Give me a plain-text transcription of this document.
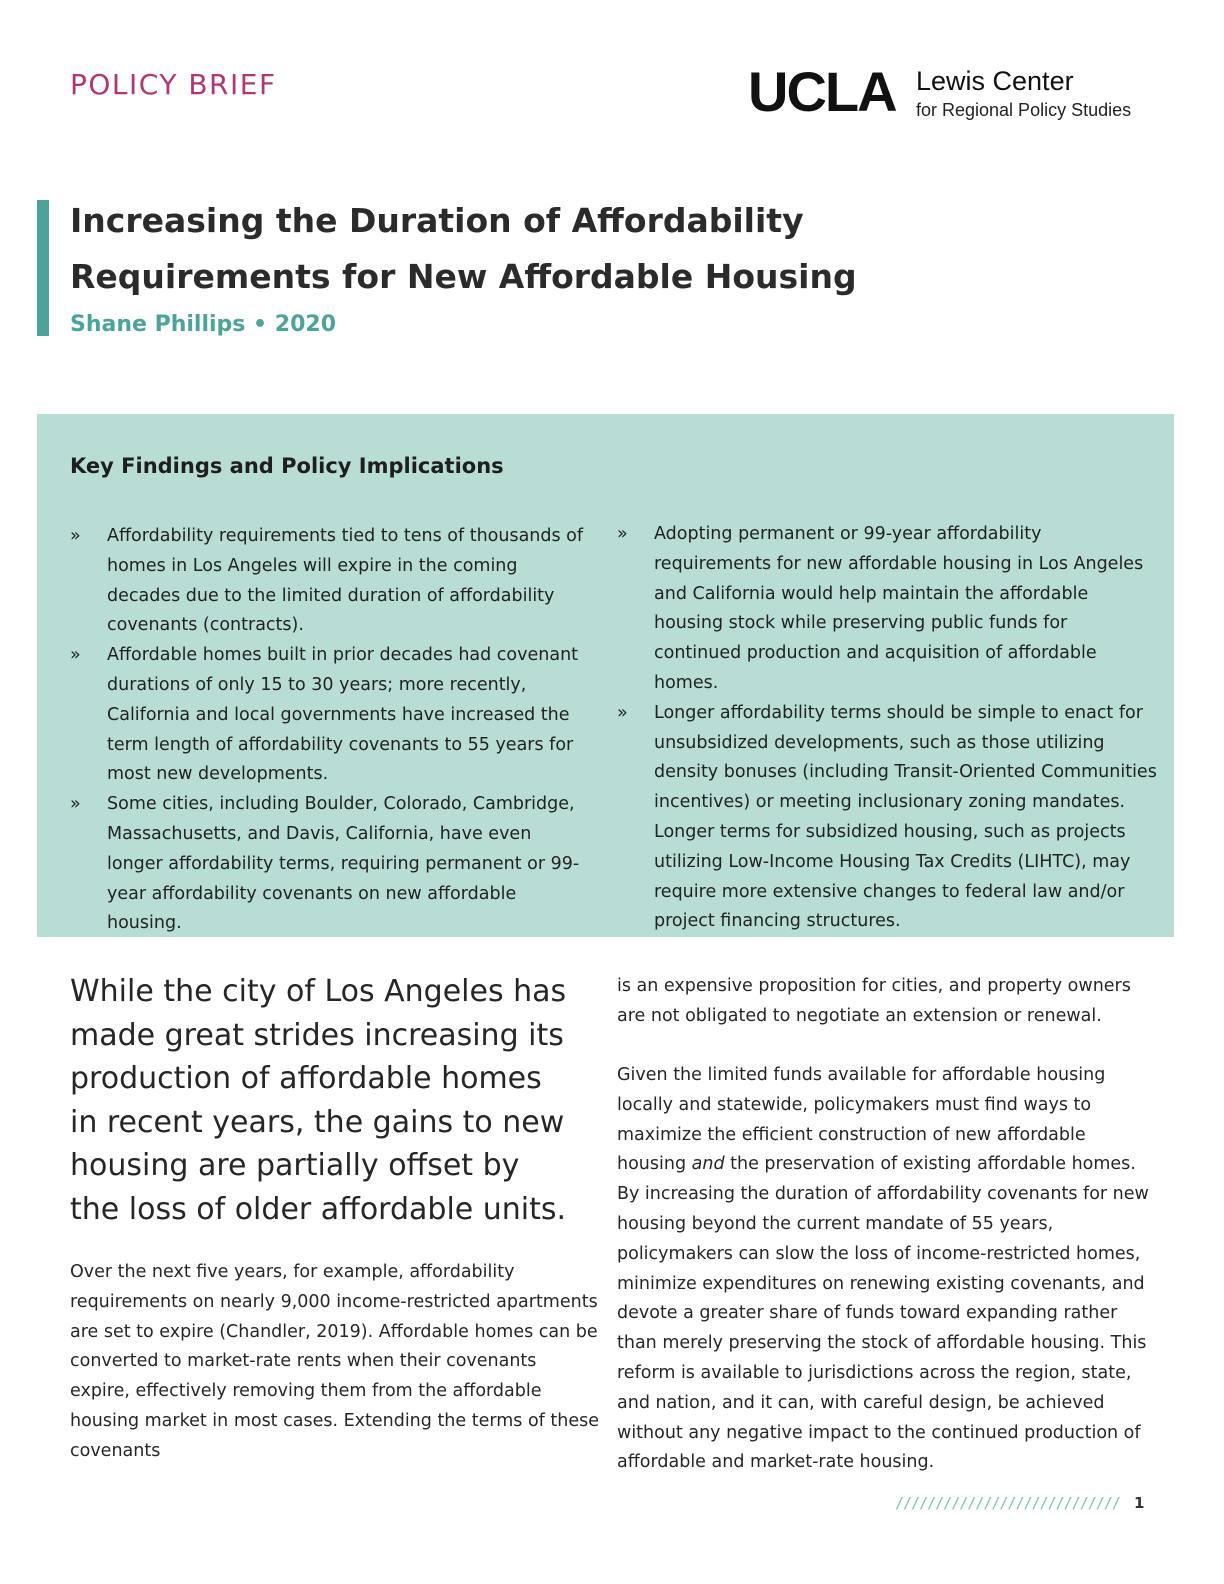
POLICY BRIEF	UCLA Lewis Center
for Regional Policy Studies
Increasing the Duration of Affordability
Requirements for New Affordable Housing
Shane Phillips • 2020
Key Findings and Policy Implications
» Affordability requirements tied to tens of thousands of homes in Los Angeles will expire in the coming decades due to the limited duration of affordability covenants (contracts).
» Affordable homes built in prior decades had covenant durations of only 15 to 30 years; more recently, California and local governments have increased the term length of affordability covenants to 55 years for most new developments.
» Some cities, including Boulder, Colorado, Cambridge, Massachusetts, and Davis, California, have even longer affordability terms, requiring permanent or 99-year affordability covenants on new affordable housing.
» Adopting permanent or 99-year affordability requirements for new affordable housing in Los Angeles and California would help maintain the affordable housing stock while preserving public funds for continued production and acquisition of affordable homes.
» Longer affordability terms should be simple to enact for unsubsidized developments, such as those utilizing density bonuses (including Transit-Oriented Communities incentives) or meeting inclusionary zoning mandates. Longer terms for subsidized housing, such as projects utilizing Low-Income Housing Tax Credits (LIHTC), may require more extensive changes to federal law and/or project financing structures.

While the city of Los Angeles has made great strides increasing its production of affordable homes in recent years, the gains to new housing are partially offset by the loss of older affordable units.

Over the next five years, for example, affordability requirements on nearly 9,000 income-restricted apartments are set to expire (Chandler, 2019). Affordable homes can be converted to market-rate rents when their covenants expire, effectively removing them from the affordable housing market in most cases. Extending the terms of these covenants

is an expensive proposition for cities, and property owners are not obligated to negotiate an extension or renewal.

Given the limited funds available for affordable housing locally and statewide, policymakers must find ways to maximize the efficient construction of new affordable housing and the preservation of existing affordable homes. By increasing the duration of affordability covenants for new housing beyond the current mandate of 55 years, policymakers can slow the loss of income-restricted homes, minimize expenditures on renewing existing covenants, and devote a greater share of funds toward expanding rather than merely preserving the stock of affordable housing. This reform is available to jurisdictions across the region, state, and nation, and it can, with careful design, be achieved without any negative impact to the continued production of affordable and market-rate housing.

//////////////////////////// 1
